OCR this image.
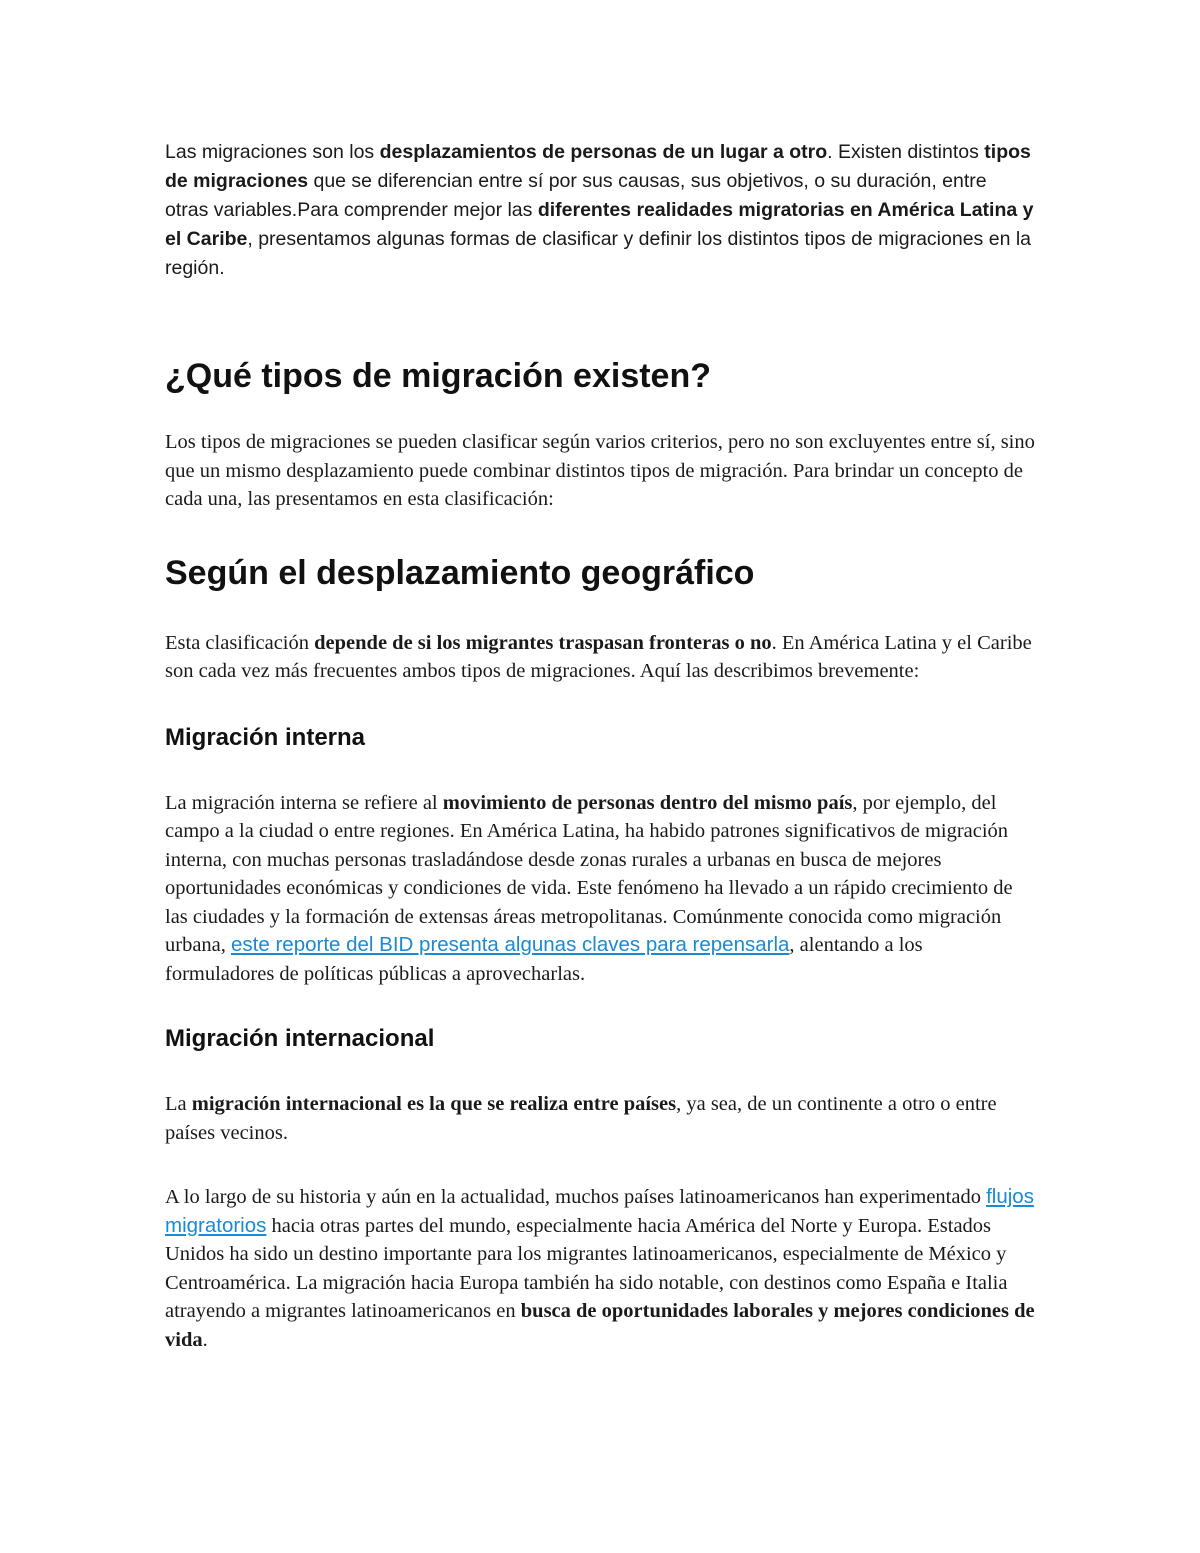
Las migraciones son los desplazamientos de personas de un lugar a otro. Existen distintos tipos de migraciones que se diferencian entre sí por sus causas, sus objetivos, o su duración, entre otras variables.Para comprender mejor las diferentes realidades migratorias en América Latina y el Caribe, presentamos algunas formas de clasificar y definir los distintos tipos de migraciones en la región.

¿Qué tipos de migración existen?

Los tipos de migraciones se pueden clasificar según varios criterios, pero no son excluyentes entre sí, sino que un mismo desplazamiento puede combinar distintos tipos de migración. Para brindar un concepto de cada una, las presentamos en esta clasificación:

Según el desplazamiento geográfico

Esta clasificación depende de si los migrantes traspasan fronteras o no. En América Latina y el Caribe son cada vez más frecuentes ambos tipos de migraciones. Aquí las describimos brevemente:

Migración interna

La migración interna se refiere al movimiento de personas dentro del mismo país, por ejemplo, del campo a la ciudad o entre regiones. En América Latina, ha habido patrones significativos de migración interna, con muchas personas trasladándose desde zonas rurales a urbanas en busca de mejores oportunidades económicas y condiciones de vida. Este fenómeno ha llevado a un rápido crecimiento de las ciudades y la formación de extensas áreas metropolitanas. Comúnmente conocida como migración urbana, este reporte del BID presenta algunas claves para repensarla, alentando a los formuladores de políticas públicas a aprovecharlas.

Migración internacional

La migración internacional es la que se realiza entre países, ya sea, de un continente a otro o entre países vecinos.

A lo largo de su historia y aún en la actualidad, muchos países latinoamericanos han experimentado flujos migratorios hacia otras partes del mundo, especialmente hacia América del Norte y Europa. Estados Unidos ha sido un destino importante para los migrantes latinoamericanos, especialmente de México y Centroamérica. La migración hacia Europa también ha sido notable, con destinos como España e Italia atrayendo a migrantes latinoamericanos en busca de oportunidades laborales y mejores condiciones de vida.
